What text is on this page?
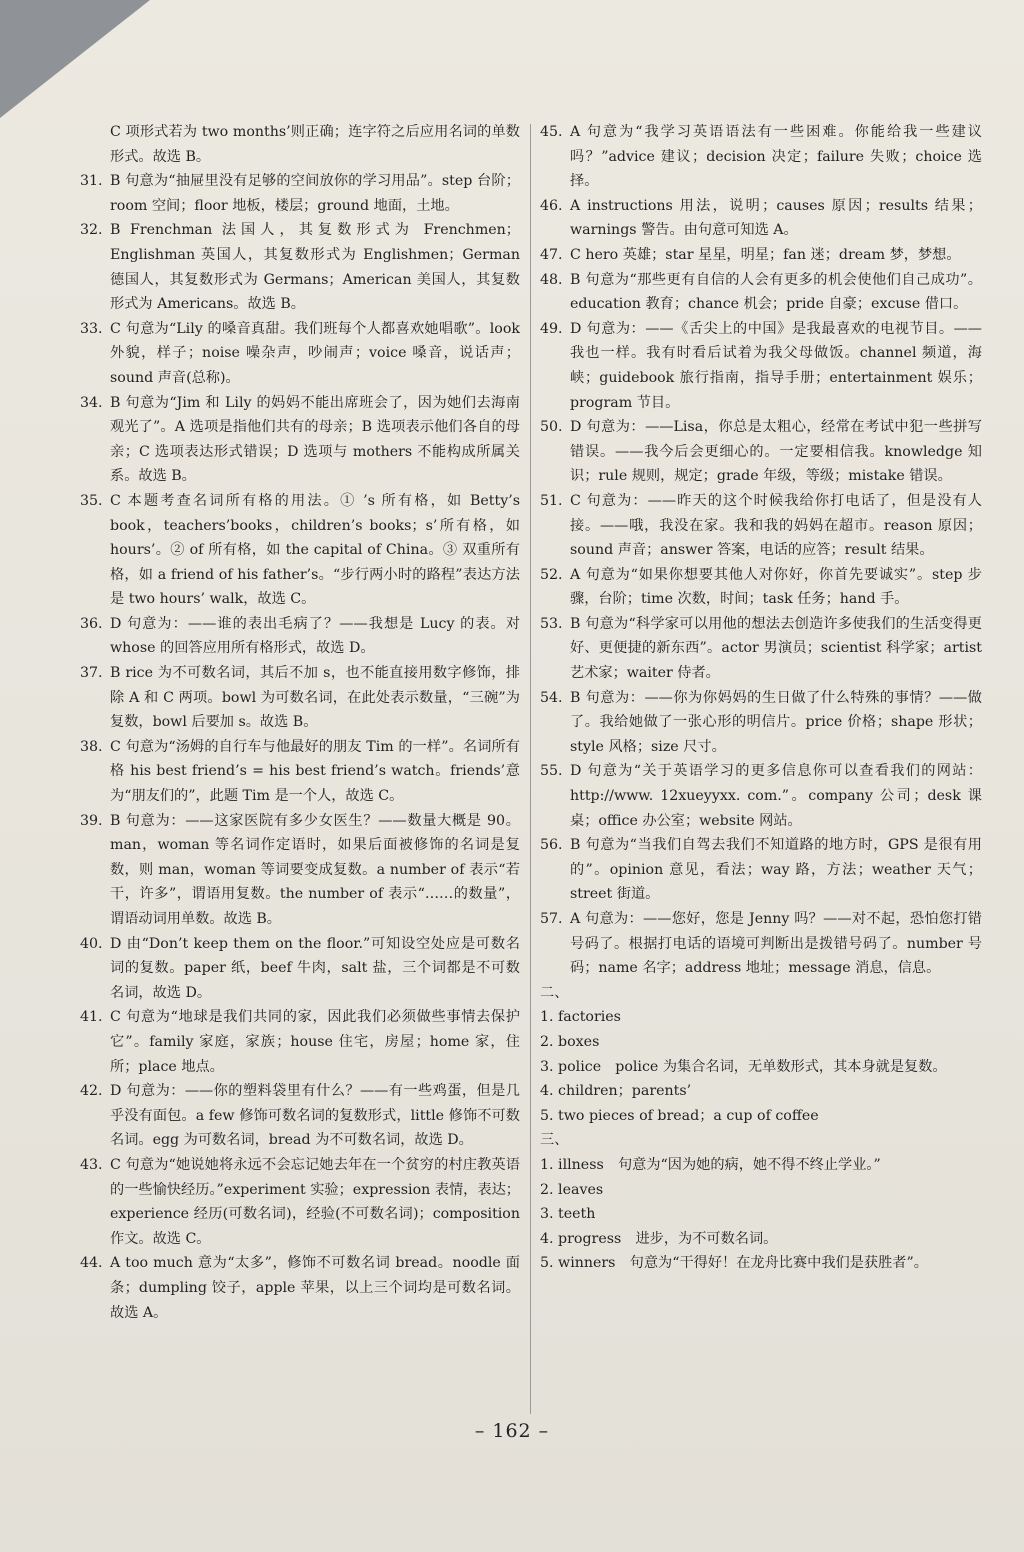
C 项形式若为 two months’则正确；连字符之后应用名词的单数形式。故选 B。

31. B 句意为“抽屉里没有足够的空间放你的学习用品”。step 台阶；room 空间；floor 地板，楼层；ground 地面，土地。
32. B Frenchman 法国人，其复数形式为 Frenchmen；Englishman 英国人，其复数形式为 Englishmen；German 德国人，其复数形式为 Germans；American 美国人，其复数形式为 Americans。故选 B。
33. C 句意为“Lily 的嗓音真甜。我们班每个人都喜欢她唱歌”。look 外貌，样子；noise 噪杂声，吵闹声；voice 嗓音，说话声；sound 声音(总称)。
34. B 句意为“Jim 和 Lily 的妈妈不能出席班会了，因为她们去海南观光了”。A 选项是指他们共有的母亲；B 选项表示他们各自的母亲；C 选项表达形式错误；D 选项与 mothers 不能构成所属关系。故选 B。
35. C 本题考查名词所有格的用法。① ’s 所有格，如 Betty’s book，teachers’books，children’s books；s’所有格，如 hours’。② of 所有格，如 the capital of China。③ 双重所有格，如 a friend of his father’s。“步行两小时的路程”表达方法是 two hours’ walk，故选 C。
36. D 句意为：——谁的表出毛病了？——我想是 Lucy 的表。对 whose 的回答应用所有格形式，故选 D。
37. B rice 为不可数名词，其后不加 s，也不能直接用数字修饰，排除 A 和 C 两项。bowl 为可数名词，在此处表示数量，“三碗”为复数，bowl 后要加 s。故选 B。
38. C 句意为“汤姆的自行车与他最好的朋友 Tim 的一样”。名词所有格 his best friend’s = his best friend’s watch。friends’意为“朋友们的”，此题 Tim 是一个人，故选 C。
39. B 句意为：——这家医院有多少女医生？——数量大概是 90。man，woman 等名词作定语时，如果后面被修饰的名词是复数，则 man，woman 等词要变成复数。a number of 表示“若干，许多”，谓语用复数。the number of 表示“……的数量”，谓语动词用单数。故选 B。
40. D 由“Don’t keep them on the floor.”可知设空处应是可数名词的复数。paper 纸，beef 牛肉，salt 盐，三个词都是不可数名词，故选 D。
41. C 句意为“地球是我们共同的家，因此我们必须做些事情去保护它”。family 家庭，家族；house 住宅，房屋；home 家，住所；place 地点。
42. D 句意为：——你的塑料袋里有什么？——有一些鸡蛋，但是几乎没有面包。a few 修饰可数名词的复数形式，little 修饰不可数名词。egg 为可数名词，bread 为不可数名词，故选 D。
43. C 句意为“她说她将永远不会忘记她去年在一个贫穷的村庄教英语的一些愉快经历。”experiment 实验；expression 表情，表达；experience 经历(可数名词)，经验(不可数名词)；composition 作文。故选 C。
44. A too much 意为“太多”，修饰不可数名词 bread。noodle 面条；dumpling 饺子，apple 苹果，以上三个词均是可数名词。故选 A。
45. A 句意为“我学习英语语法有一些困难。你能给我一些建议吗？”advice 建议；decision 决定；failure 失败；choice 选择。
46. A instructions 用法，说明；causes 原因；results 结果；warnings 警告。由句意可知选 A。
47. C hero 英雄；star 星星，明星；fan 迷；dream 梦，梦想。
48. B 句意为“那些更有自信的人会有更多的机会使他们自己成功”。education 教育；chance 机会；pride 自豪；excuse 借口。
49. D 句意为：——《舌尖上的中国》是我最喜欢的电视节目。——我也一样。我有时看后试着为我父母做饭。channel 频道，海峡；guidebook 旅行指南，指导手册；entertainment 娱乐；program 节目。
50. D 句意为：——Lisa，你总是太粗心，经常在考试中犯一些拼写错误。——我今后会更细心的。一定要相信我。knowledge 知识；rule 规则，规定；grade 年级，等级；mistake 错误。
51. C 句意为：——昨天的这个时候我给你打电话了，但是没有人接。——哦，我没在家。我和我的妈妈在超市。reason 原因；sound 声音；answer 答案，电话的应答；result 结果。
52. A 句意为“如果你想要其他人对你好，你首先要诚实”。step 步骤，台阶；time 次数，时间；task 任务；hand 手。
53. B 句意为“科学家可以用他的想法去创造许多使我们的生活变得更好、更便捷的新东西”。actor 男演员；scientist 科学家；artist 艺术家；waiter 侍者。
54. B 句意为：——你为你妈妈的生日做了什么特殊的事情？——做了。我给她做了一张心形的明信片。price 价格；shape 形状；style 风格；size 尺寸。
55. D 句意为“关于英语学习的更多信息你可以查看我们的网站：http://www. 12xueyyxx. com.”。company 公司；desk 课桌；office 办公室；website 网站。
56. B 句意为“当我们自驾去我们不知道路的地方时，GPS 是很有用的”。opinion 意见，看法；way 路，方法；weather 天气；street 街道。
57. A 句意为：——您好，您是 Jenny 吗？——对不起，恐怕您打错号码了。根据打电话的语境可判断出是拨错号码了。number 号码；name 名字；address 地址；message 消息，信息。

二、

1. factories

2. boxes

3. police　police 为集合名词，无单数形式，其本身就是复数。

4. children；parents’

5. two pieces of bread；a cup of coffee

三、

1. illness　句意为“因为她的病，她不得不终止学业。”

2. leaves

3. teeth

4. progress　进步，为不可数名词。

5. winners　句意为“干得好！在龙舟比赛中我们是获胜者”。

– 162 –
